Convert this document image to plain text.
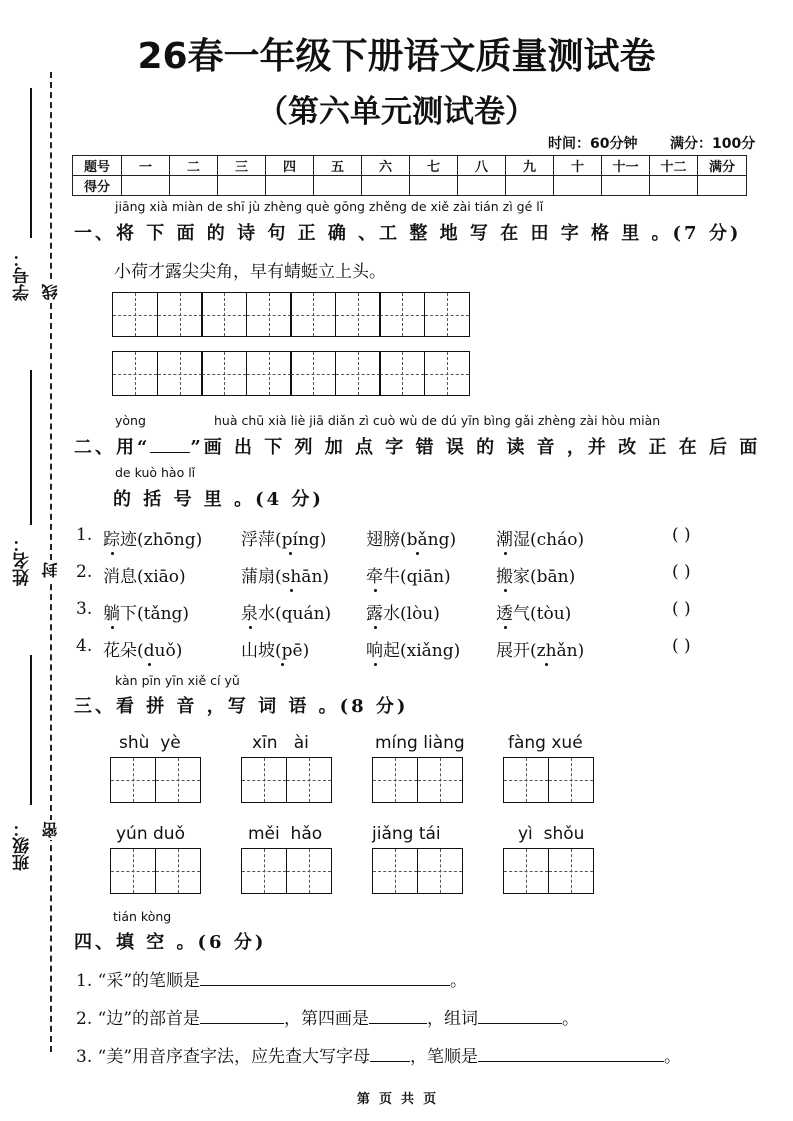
学号：
姓名：
班级：
线
封
密
26春一年级下册语文质量测试卷
（第六单元测试卷）
时间：60分钟 满分：100分
题号	一	二	三	四	五	六	七	八	九	十	十一	十二	满分
得分													
jiāng xià miàn de shī jù zhèng què gōng zhěng de xiě zài tián zì gé lǐ
一、将 下 面 的 诗 句 正 确 、工 整 地 写 在 田 字 格 里 。(7 分)
小荷才露尖尖角，早有蜻蜓立上头。
yòng	huà chū xià liè jiā diǎn zì cuò wù de dú yīn bìng gǎi zhèng zài hòu miàn
二、用“ ”画 出 下 列 加 点 字 错 误 的 读 音 ，并 改 正 在 后 面
de kuò hào lǐ
的 括 号 里 。(4 分)
1. 踪迹(zhōng) 浮萍(píng) 翅膀(bǎng) 潮湿(cháo)	( )
2. 消息(xiāo)	蒲扇(shān) 牵牛(qiān)	搬家(bān)	( )
3. 躺下(tǎng)	泉水(quán) 露水(lòu)	透气(tòu)	( )
4. 花朵(duǒ)	山坡(pē)	响起(xiǎng) 展开(zhǎn)	( )
kàn pīn yīn xiě cí yǔ
三、看 拼 音 ，写 词 语 。(8 分)
shù  yè	xīn   ài	míng liàng	fàng xué
yún duǒ	měi  hǎo	jiǎng tái	yì  shǒu
tián kòng
四、填 空 。(6 分)
1. “采”的笔顺是	。
2. “边”的部首是	，第四画是	，组词	。
3. “美”用音序查字法，应先查大写字母 ，笔顺是	。
第  页  共  页
